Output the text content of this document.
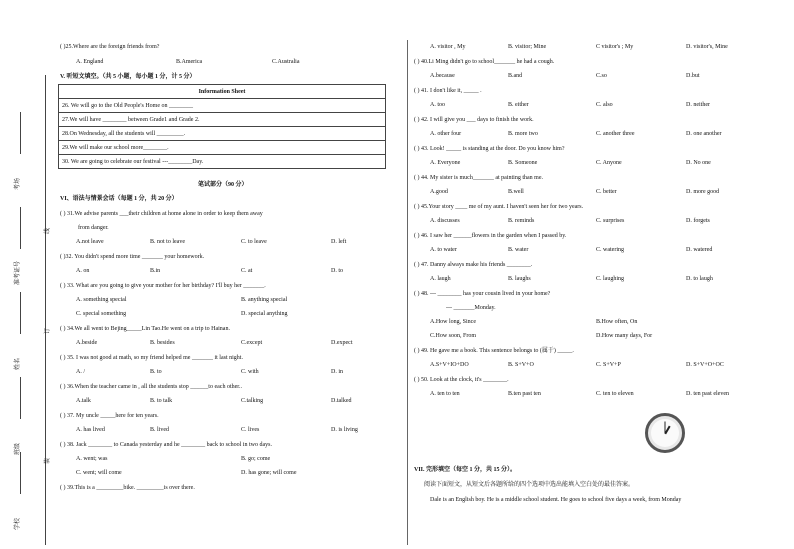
学校
班级
姓名
准考证号
考场
线
订
装
( )25.Where are the foreign friends from?
A. England	B.America	C.Australia
V. 听短文填空。（共 5 小题，每小题 1 分，计 5 分）
笔试部分（90 分）
VI、语法与情景会话（每题 1 分，共 20 分）
( ) 31.We advise parents ___their children at home alone in order to keep them away
from danger.
A.not leave	B. not to leave	C. to leave	D. left
( )32. You didn't spend more time _______ your homework.
A. on	B.in	C. at	D. to
( ) 33. What are you going to give your mother for her birthday? I'll buy her _______.
A. something special	B. anything special
C. special something	D. special anything
( ) 34.We all went to Bejing_____Lin Tao.He went on a trip to Hainan.
A.beside	B. besides	C.except	D.expect
( ) 35. I was not good at math, so my friend helped me _______ it last night.
A. /	B. to	C. with	D. in
( ) 36.When the teacher came in , all the students stop ______to each other..
A.talk	B. to talk	C.talking	D.talked
( ) 37. My uncle _____here for ten years.
A. has lived	B. lived	C. lives	D. is living
( ) 38. Jack ________ to Canada yesterday and he ________ back to school in two days.
A. went; was	B. go; come
C. went; will come	D. has gone; will come
( ) 39.This is a _________bike. _________is over there.
Information Sheet
26. We will go to the Old People's Home on ________
27.We will have ________ between Grade1 and Grade 2.
28.On Wednesday, all the students will _________.
29.We will make our school more________.
30. We are going to celebrate our festival ---________Day.
A. visitor , My	B. visitor; Mine	C visitor's ; My	D. visitor's, Mine
( ) 40.Li Ming didn't go to school_______ he had a cough.
A.because	B.and	C.so	D.but
( ) 41. I don't like it, _____ .
A. too	B. either	C. also	D. neither
( ) 42. I will give you ___ days to finish the work.
A. other four	B. more two	C. another three	D. one another
( ) 43. Look! _____ is standing at the door. Do you know him?
A. Everyone	B. Someone	C. Anyone	D. No one
( ) 44. My sister is much_______ at painting than me.
A.good	B.well	C. better	D. more good
( ) 45.Your story ____ me of my aunt. I haven't seen her for two years.
A. discusses	B. reminds	C. surprises	D. forgets
( ) 46. I saw her ______flowers in the garden when I passed by.
A. to water	B. water	C. watering	D. watered
( ) 47. Danny always make his friends ________.
A. laugh	B. laughs	C. laughing	D. to laugh
( ) 48. --- ________ has your cousin lived in your home?
--- _______Monday.
A.How long, Since	B.How often, On
C.How soon, From	D.How many days, For
( ) 49. He gave me a book. This sentence belongs to (属于) _____.
A.S+V+IO+DO	B. S+V+O	C. S+V+P	D. S+V+O+OC
( ) 50. Look at the clock, it's ________.
A. ten to ten	B.ten past ten	C. ten to eleven	D. ten past eleven
VII. 完形填空（每空 1 分，共 15 分）。
阅读下面短文，从短文后各题所给的四个选项中选出能填入空白处的最佳答案。
Dale is an English boy. He is a middle school student. He goes to school five days a week, from Monday
